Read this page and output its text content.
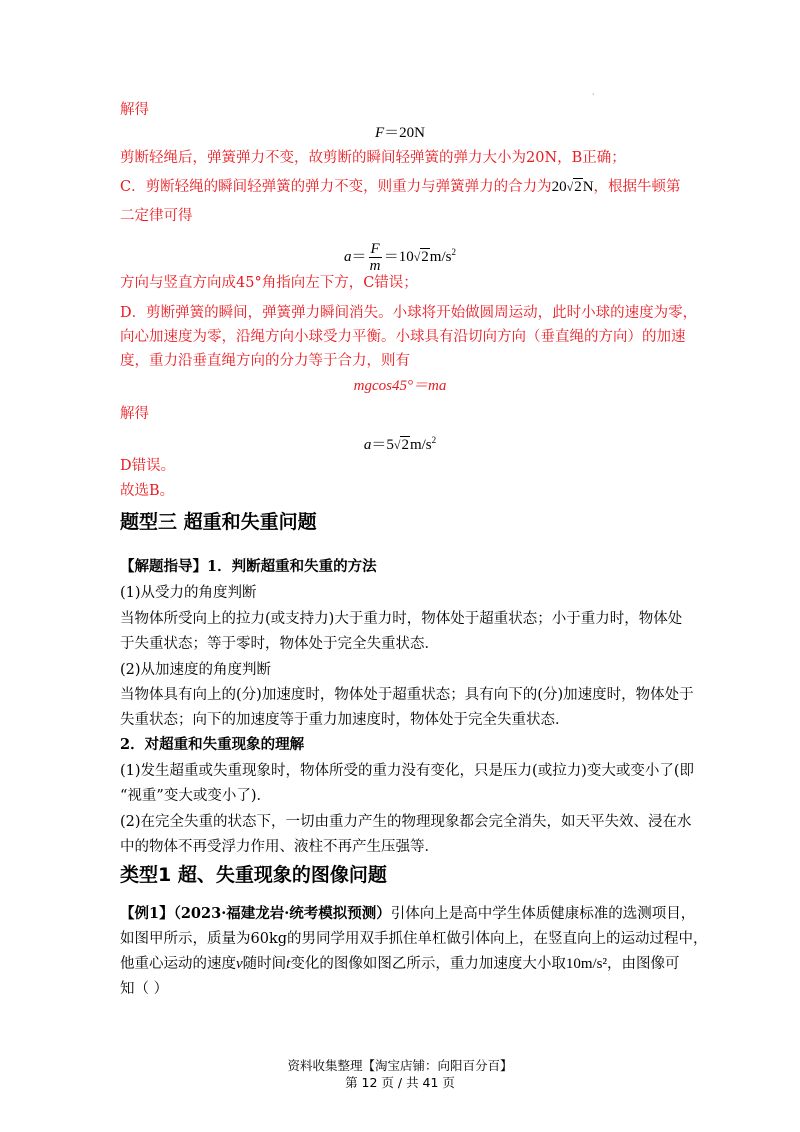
·
解得
F＝20N
剪断轻绳后，弹簧弹力不变，故剪断的瞬间轻弹簧的弹力大小为20N，B正确；
C．剪断轻绳的瞬间轻弹簧的弹力不变，则重力与弹簧弹力的合力为20√2N，根据牛顿第
二定律可得
$a= \frac{F}{m} =10√2m/s^2$
方向与竖直方向成45°角指向左下方，C错误；
D．剪断弹簧的瞬间，弹簧弹力瞬间消失。小球将开始做圆周运动，此时小球的速度为零，
向心加速度为零，沿绳方向小球受力平衡。小球具有沿切向方向（垂直绳的方向）的加速
度，重力沿垂直绳方向的分力等于合力，则有
mgcos45°＝ma
解得
$a=5√2m/s^2$
D错误。
故选B。
题型三 超重和失重问题
【解题指导】1．判断超重和失重的方法
(1)从受力的角度判断
当物体所受向上的拉力(或支持力)大于重力时，物体处于超重状态；小于重力时，物体处
于失重状态；等于零时，物体处于完全失重状态．
(2)从加速度的角度判断
当物体具有向上的(分)加速度时，物体处于超重状态；具有向下的(分)加速度时，物体处于
失重状态；向下的加速度等于重力加速度时，物体处于完全失重状态．
2．对超重和失重现象的理解
(1)发生超重或失重现象时，物体所受的重力没有变化，只是压力(或拉力)变大或变小了(即
“视重”变大或变小了)．
(2)在完全失重的状态下，一切由重力产生的物理现象都会完全消失，如天平失效、浸在水
中的物体不再受浮力作用、液柱不再产生压强等．
类型1 超、失重现象的图像问题
【例1】（2023·福建龙岩·统考模拟预测）引体向上是高中学生体质健康标准的选测项目，
如图甲所示，质量为60kg的男同学用双手抓住单杠做引体向上，在竖直向上的运动过程中，
他重心运动的速度v随时间t变化的图像如图乙所示，重力加速度大小取10m/s²，由图像可
知（ ）
资料收集整理【淘宝店铺：向阳百分百】
第 12 页 / 共 41 页
